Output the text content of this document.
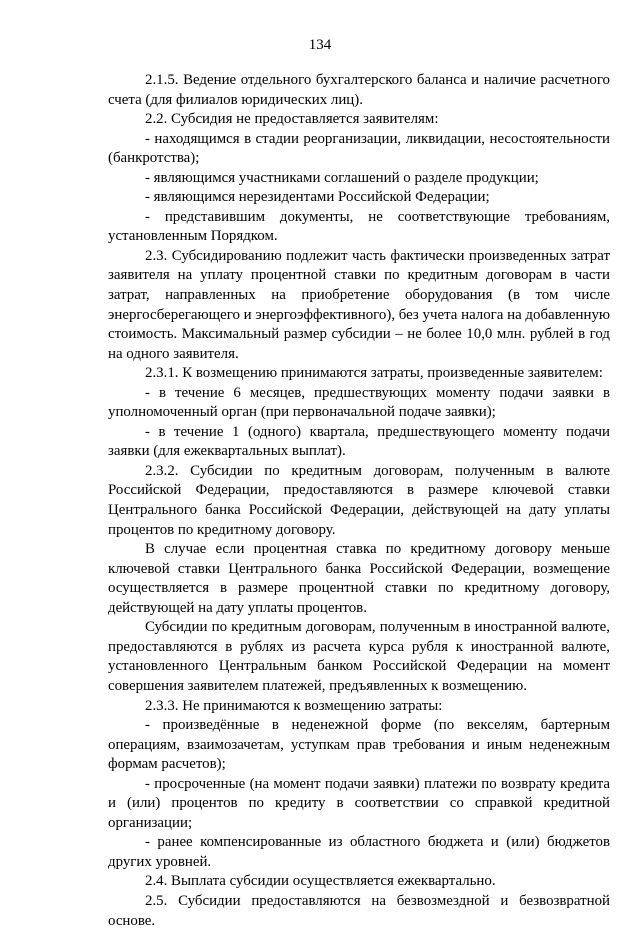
134

2.1.5. Ведение отдельного бухгалтерского баланса и наличие расчетного счета (для филиалов юридических лиц).

2.2. Субсидия не предоставляется заявителям:

- находящимся в стадии реорганизации, ликвидации, несостоятельности (банкротства);

- являющимся участниками соглашений о разделе продукции;

- являющимся нерезидентами Российской Федерации;

- представившим документы, не соответствующие требованиям, установленным Порядком.

2.3. Субсидированию подлежит часть фактически произведенных затрат заявителя на уплату процентной ставки по кредитным договорам в части затрат, направленных на приобретение оборудования (в том числе энергосберегающего и энергоэффективного), без учета налога на добавленную стоимость. Максимальный размер субсидии – не более 10,0 млн. рублей в год на одного заявителя.

2.3.1. К возмещению принимаются затраты, произведенные заявителем:

- в течение 6 месяцев, предшествующих моменту подачи заявки в уполномоченный орган (при первоначальной подаче заявки);

- в течение 1 (одного) квартала, предшествующего моменту подачи заявки (для ежеквартальных выплат).

2.3.2. Субсидии по кредитным договорам, полученным в валюте Российской Федерации, предоставляются в размере ключевой ставки Центрального банка Российской Федерации, действующей на дату уплаты процентов по кредитному договору.

В случае если процентная ставка по кредитному договору меньше ключевой ставки Центрального банка Российской Федерации, возмещение осуществляется в размере процентной ставки по кредитному договору, действующей на дату уплаты процентов.

Субсидии по кредитным договорам, полученным в иностранной валюте, предоставляются в рублях из расчета курса рубля к иностранной валюте, установленного Центральным банком Российской Федерации на момент совершения заявителем платежей, предъявленных к возмещению.

2.3.3. Не принимаются к возмещению затраты:

- произведённые в неденежной форме (по векселям, бартерным операциям, взаимозачетам, уступкам прав требования и иным неденежным формам расчетов);

- просроченные (на момент подачи заявки) платежи по возврату кредита и (или) процентов по кредиту в соответствии со справкой кредитной организации;

- ранее компенсированные из областного бюджета и (или) бюджетов других уровней.

2.4. Выплата субсидии осуществляется ежеквартально.

2.5. Субсидии предоставляются на безвозмездной и безвозвратной основе.
